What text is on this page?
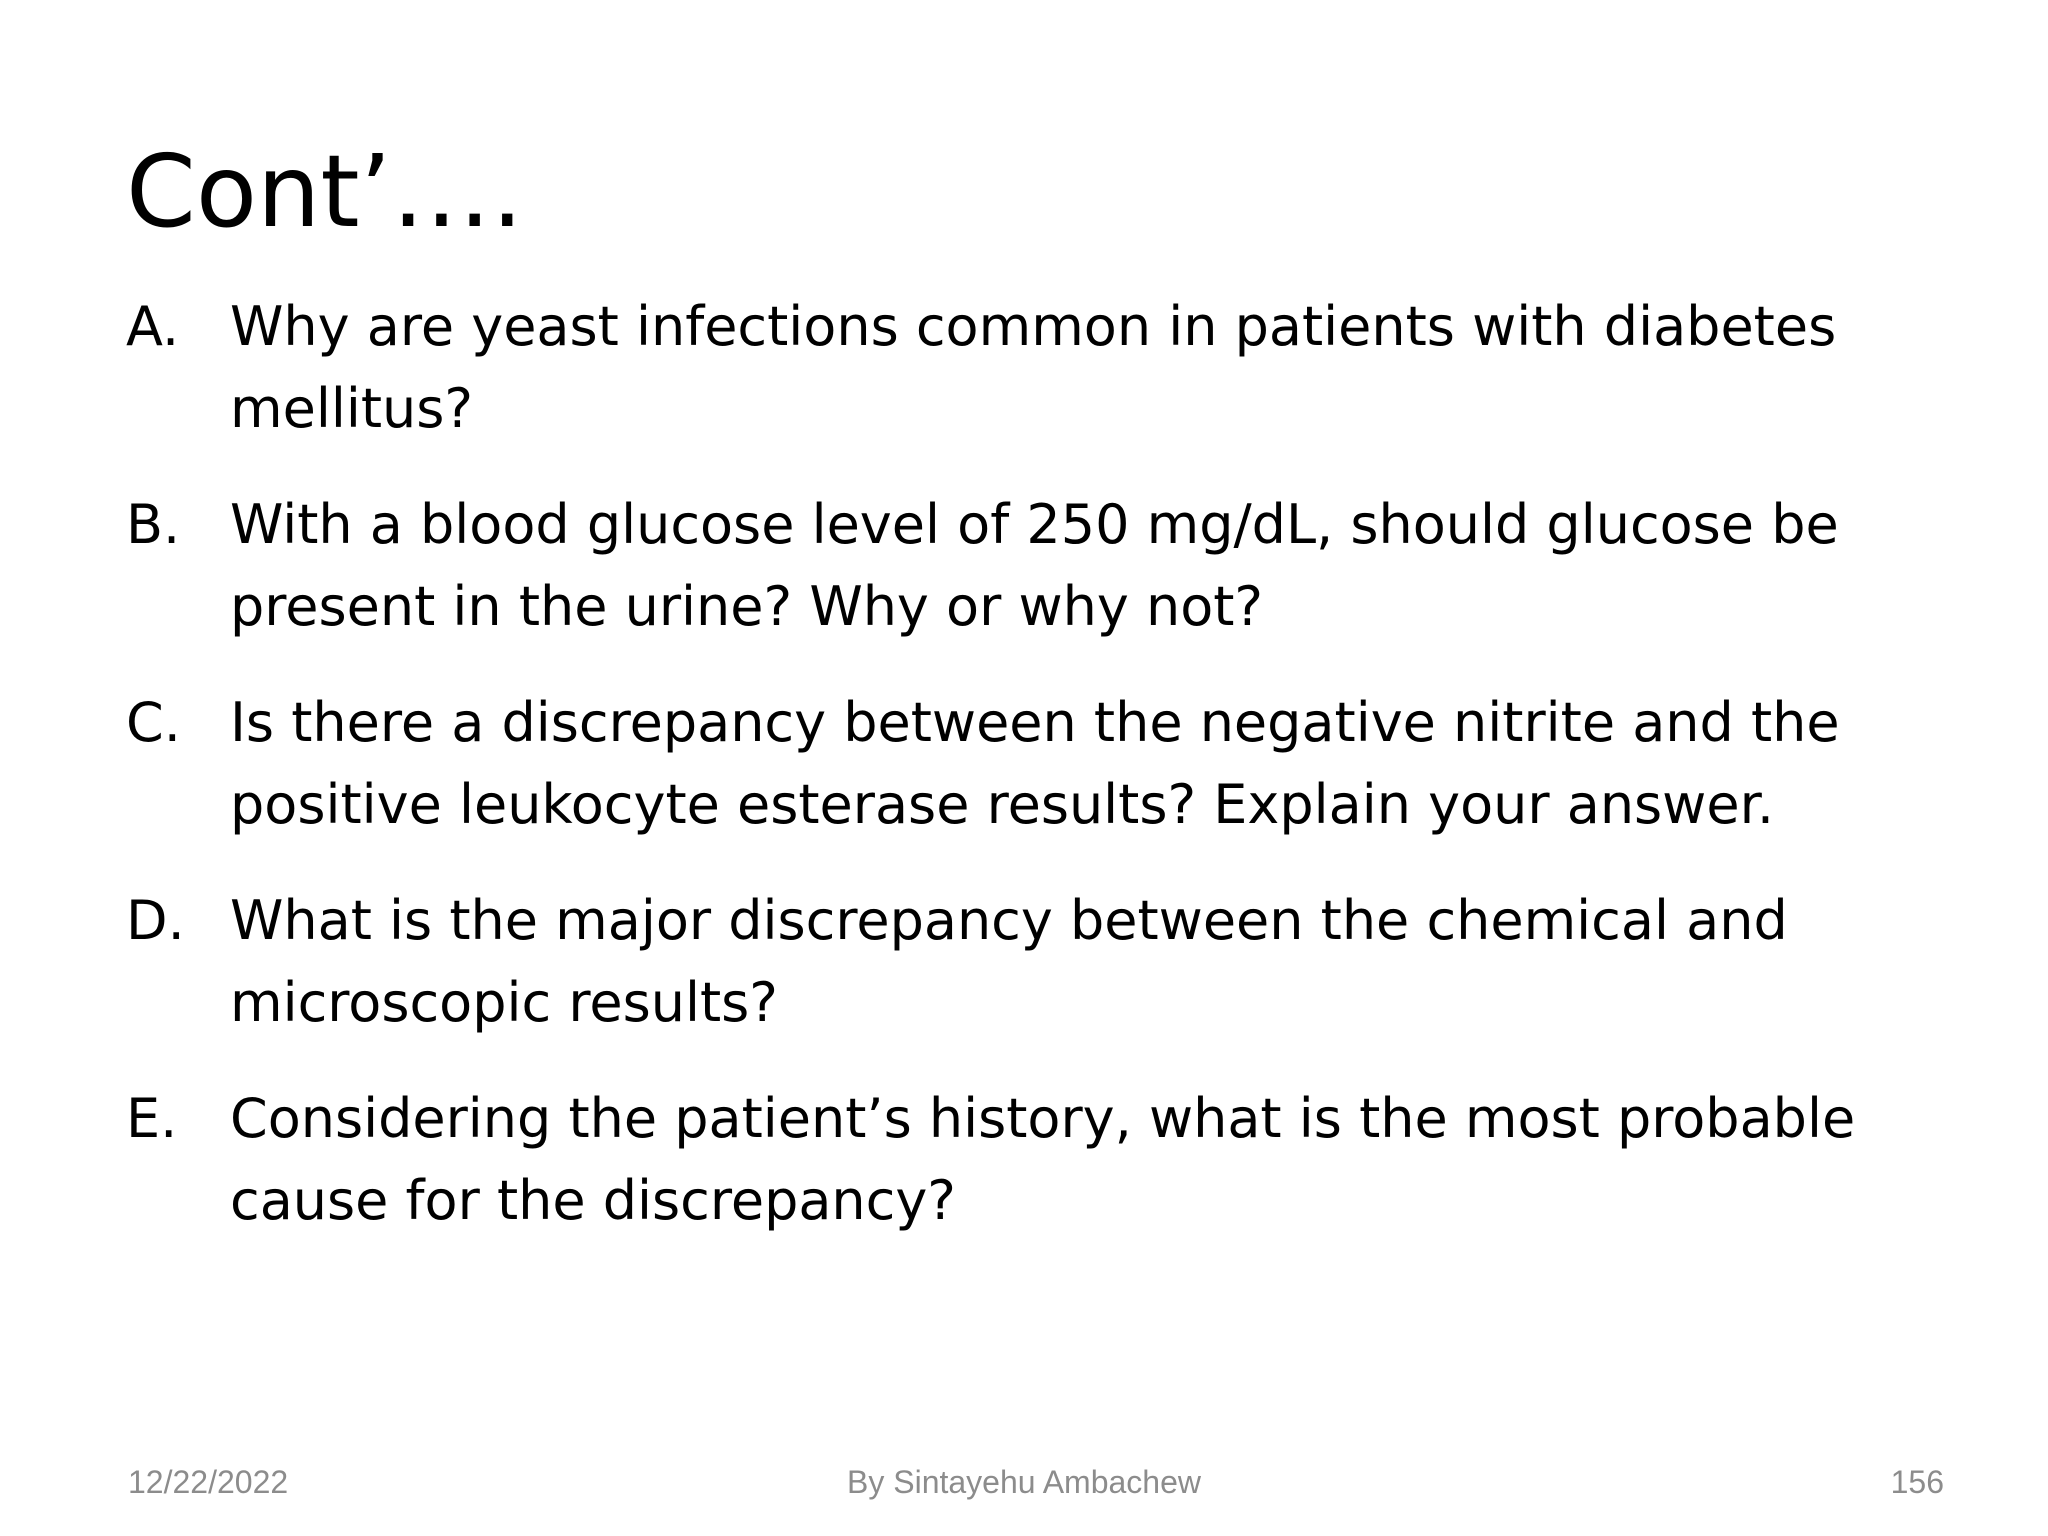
Cont’….
A. Why are yeast infections common in patients with diabetes mellitus?
B. With a blood glucose level of 250 mg/dL, should glucose be present in the urine? Why or why not?
C. Is there a discrepancy between the negative nitrite and the positive leukocyte esterase results? Explain your answer.
D. What is the major discrepancy between the chemical and microscopic results?
E. Considering the patient’s history, what is the most probable cause for the discrepancy?
12/22/2022	By Sintayehu Ambachew	156
